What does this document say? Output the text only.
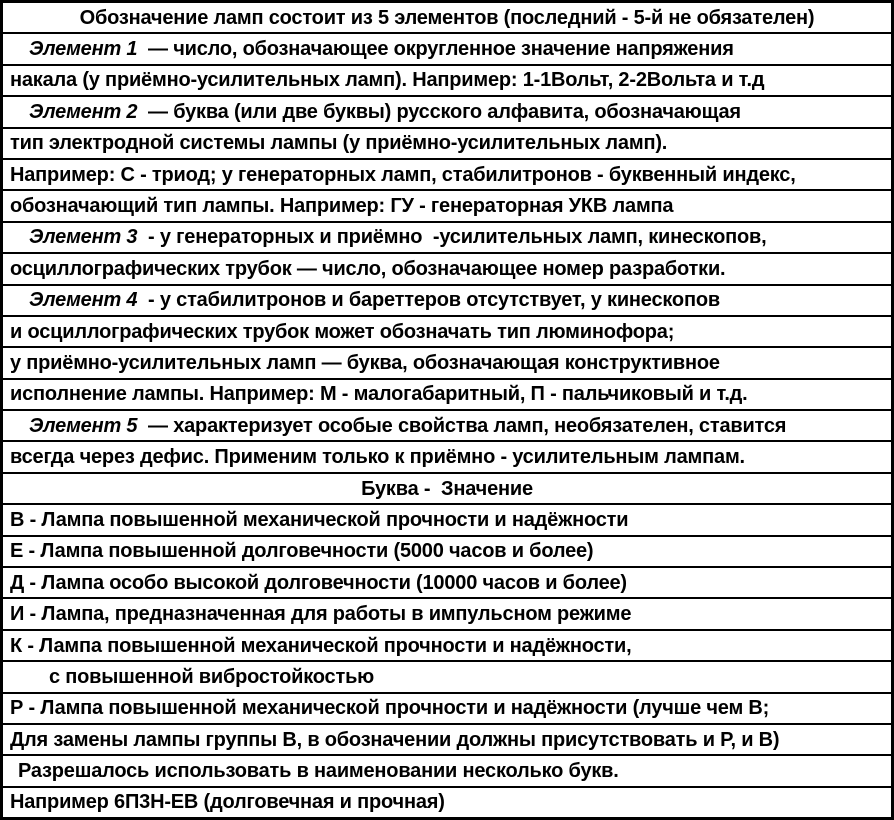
Обозначение ламп состоит из 5 элементов (последний - 5-й не обязателен)
Элемент 1 — число, обозначающее округленное значение напряжения
накала (у приёмно-усилительных ламп). Например: 1-1Вольт, 2-2Вольта и т.д
Элемент 2 — буква (или две буквы) русского алфавита, обозначающая
тип электродной системы лампы (у приёмно-усилительных ламп).
Например: С - триод; у генераторных ламп, стабилитронов - буквенный индекс,
обозначающий тип лампы. Например: ГУ - генераторная УКВ лампа
Элемент 3 - у генераторных и приёмно  -усилительных ламп, кинескопов,
осциллографических трубок — число, обозначающее номер разработки.
Элемент 4 - у стабилитронов и бареттеров отсутствует, у кинескопов
и осциллографических трубок может обозначать тип люминофора;
у приёмно-усилительных ламп — буква, обозначающая конструктивное
исполнение лампы. Например: М - малогабаритный, П - пальчиковый и т.д.
Элемент 5 — характеризует особые свойства ламп, необязателен, ставится
всегда через дефис. Применим только к приёмно - усилительным лампам.
Буква -  Значение
В - Лампа повышенной механической прочности и надёжности
Е - Лампа повышенной долговечности (5000 часов и более)
Д - Лампа особо высокой долговечности (10000 часов и более)
И - Лампа, предназначенная для работы в импульсном режиме
К - Лампа повышенной механической прочности и надёжности,
с повышенной вибростойкостью
Р - Лампа повышенной механической прочности и надёжности (лучше чем В;
Для замены лампы группы В, в обозначении должны присутствовать и Р, и В)
Разрешалось использовать в наименовании несколько букв.
Например 6П3Н-ЕВ (долговечная и прочная)
